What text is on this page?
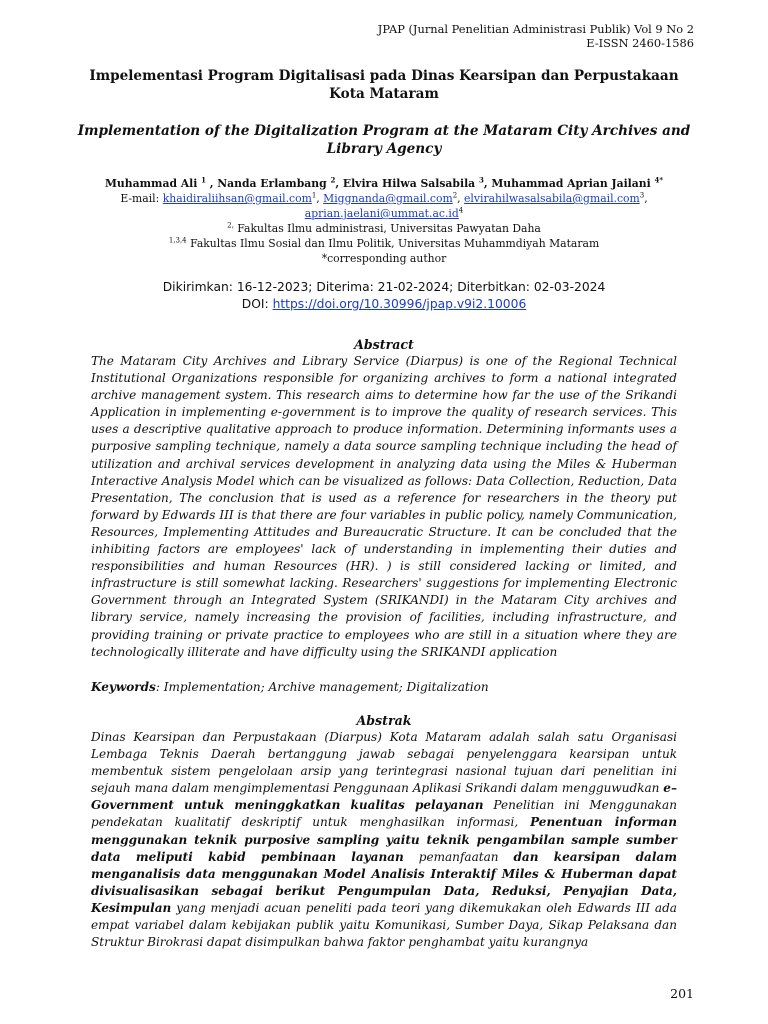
JPAP (Jurnal Penelitian Administrasi Publik) Vol 9 No 2
E-ISSN 2460-1586
Impelementasi Program Digitalisasi pada Dinas Kearsipan dan Perpustakaan Kota Mataram
Implementation of the Digitalization Program at the Mataram City Archives and Library Agency
Muhammad Ali $^1$ , Nanda Erlambang $^2$, Elvira Hilwa Salsabila $^3$, Muhammad Aprian Jailani $^{4*}$
E-mail: khaidiraliihsan@gmail.com$^1$, Miggnanda@gmail.com$^2$, elvirahilwasalsabila@gmail.com$^3$,
$aprian.jaelani@ummat.ac.id^4$
$^{2,}$ Fakultas Ilmu administrasi, Universitas Pawyatan Daha
$^{1,3,4}$ Fakultas Ilmu Sosial dan Ilmu Politik, Universitas Muhammdiyah Mataram
*corresponding author
Dikirimkan: 16-12-2023; Diterima: 21-02-2024; Diterbitkan: 02-03-2024
DOI: https://doi.org/10.30996/jpap.v9i2.10006
Abstract
The Mataram City Archives and Library Service (Diarpus) is one of the Regional Technical Institutional Organizations responsible for organizing archives to form a national integrated archive management system. This research aims to determine how far the use of the Srikandi Application in implementing e-government is to improve the quality of research services. This uses a descriptive qualitative approach to produce information. Determining informants uses a purposive sampling technique, namely a data source sampling technique including the head of utilization and archival services development in analyzing data using the Miles & Huberman Interactive Analysis Model which can be visualized as follows: Data Collection, Reduction, Data Presentation, The conclusion that is used as a reference for researchers in the theory put forward by Edwards III is that there are four variables in public policy, namely Communication, Resources, Implementing Attitudes and Bureaucratic Structure. It can be concluded that the inhibiting factors are employees' lack of understanding in implementing their duties and responsibilities and human Resources (HR). ) is still considered lacking or limited, and infrastructure is still somewhat lacking. Researchers' suggestions for implementing Electronic Government through an Integrated System (SRIKANDI) in the Mataram City archives and library service, namely increasing the provision of facilities, including infrastructure, and providing training or private practice to employees who are still in a situation where they are technologically illiterate and have difficulty using the SRIKANDI application
Keywords: Implementation; Archive management; Digitalization
Abstrak
Dinas Kearsipan dan Perpustakaan (Diarpus) Kota Mataram adalah salah satu Organisasi Lembaga Teknis Daerah bertanggung jawab sebagai penyelenggara kearsipan untuk membentuk sistem pengelolaan arsip yang terintegrasi nasional tujuan dari penelitian ini sejauh mana dalam mengimplementasi Penggunaan Aplikasi Srikandi dalam mengguwudkan e–Government untuk meninggkatkan kualitas pelayanan Penelitian ini Menggunakan pendekatan kualitatif deskriptif untuk menghasilkan informasi, Penentuan informan menggunakan teknik purposive sampling yaitu teknik pengambilan sample sumber data meliputi kabid pembinaan layanan pemanfaatan dan kearsipan dalam menganalisis data menggunakan Model Analisis Interaktif Miles & Huberman dapat divisualisasikan sebagai berikut Pengumpulan Data, Reduksi, Penyajian Data, Kesimpulan yang menjadi acuan peneliti pada teori yang dikemukakan oleh Edwards III ada empat variabel dalam kebijakan publik yaitu Komunikasi, Sumber Daya, Sikap Pelaksana dan Struktur Birokrasi dapat disimpulkan bahwa faktor penghambat yaitu kurangnya
201
